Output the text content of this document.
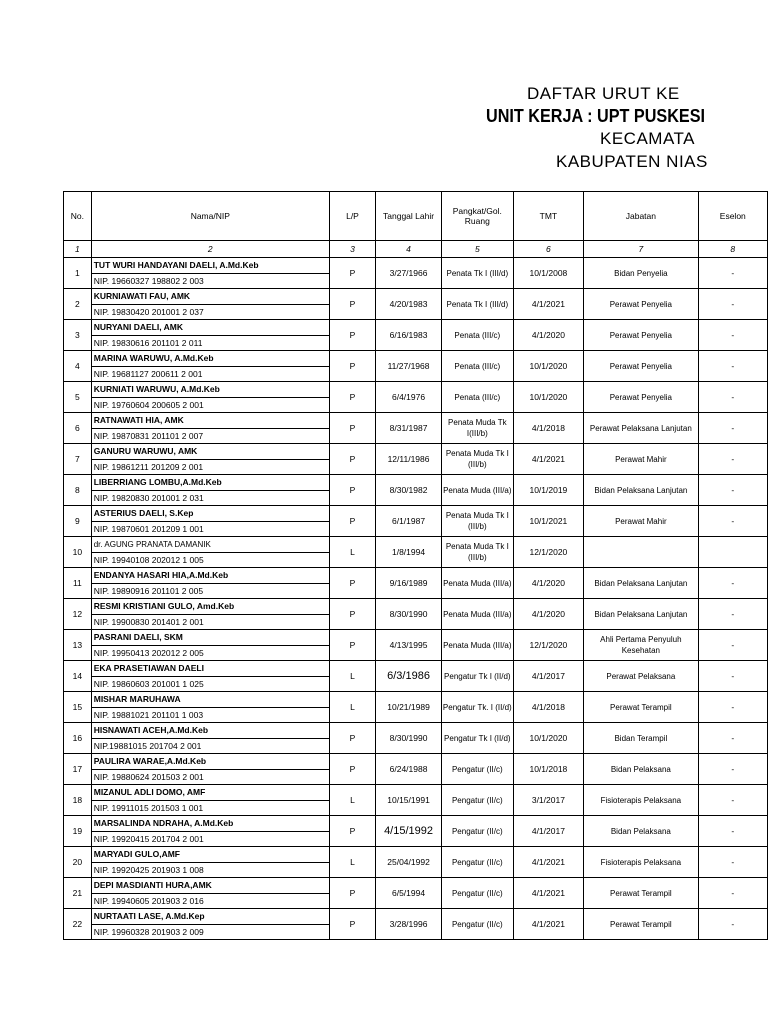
DAFTAR URUT KE
UNIT KERJA : UPT PUSKESI
KECAMATA
KABUPATEN NIAS
No.	Nama/NIP	L/P	Tanggal Lahir	Pangkat/Gol. Ruang	TMT	Jabatan	Eselon
1	2	3	4	5	6	7	8
1	TUT WURI HANDAYANI DAELI, A.Md.Keb	P	3/27/1966	Penata Tk I (III/d)	10/1/2008	Bidan Penyelia	-
	NIP. 19660327 198802 2 003						
2	KURNIAWATI FAU, AMK	P	4/20/1983	Penata Tk I (III/d)	4/1/2021	Perawat Penyelia	-
	NIP. 19830420 201001 2 037						
3	NURYANI DAELI, AMK	P	6/16/1983	Penata (III/c)	4/1/2020	Perawat Penyelia	-
	NIP. 19830616 201101 2 011						
4	MARINA WARUWU, A.Md.Keb	P	11/27/1968	Penata (III/c)	10/1/2020	Perawat Penyelia	-
	NIP. 19681127 200611 2 001						
5	KURNIATI WARUWU, A.Md.Keb	P	6/4/1976	Penata (III/c)	10/1/2020	Perawat Penyelia	-
	NIP. 19760604 200605 2 001						
6	RATNAWATI HIA, AMK	P	8/31/1987	Penata Muda Tk I(III/b)	4/1/2018	Perawat Pelaksana Lanjutan	-
	NIP. 19870831 201101 2 007						
7	GANURU WARUWU, AMK	P	12/11/1986	Penata Muda Tk I (III/b)	4/1/2021	Perawat Mahir	-
	NIP. 19861211 201209 2 001						
8	LIBERRIANG LOMBU,A.Md.Keb	P	8/30/1982	Penata Muda (III/a)	10/1/2019	Bidan Pelaksana Lanjutan	-
	NIP. 19820830 201001 2 031						
9	ASTERIUS DAELI, S.Kep	P	6/1/1987	Penata Muda Tk I (III/b)	10/1/2021	Perawat Mahir	-
	NIP. 19870601 201209 1 001						
10	dr. AGUNG PRANATA DAMANIK	L	1/8/1994	Penata Muda Tk I (III/b)	12/1/2020		
	NIP. 19940108 202012 1 005						
11	ENDANYA HASARI HIA,A.Md.Keb	P	9/16/1989	Penata Muda (III/a)	4/1/2020	Bidan Pelaksana Lanjutan	-
	NIP. 19890916 201101 2 005						
12	RESMI KRISTIANI GULO, Amd.Keb	P	8/30/1990	Penata Muda (III/a)	4/1/2020	Bidan Pelaksana Lanjutan	-
	NIP. 19900830 201401 2 001						
13	PASRANI DAELI, SKM	P	4/13/1995	Penata Muda (III/a)	12/1/2020	Ahli Pertama Penyuluh Kesehatan	-
	NIP. 19950413 202012 2 005						
14	EKA PRASETIAWAN DAELI	L	6/3/1986	Pengatur Tk I (II/d)	4/1/2017	Perawat Pelaksana	-
	NIP. 19860603 201001 1 025						
15	MISHAR MARUHAWA	L	10/21/1989	Pengatur Tk. I (II/d)	4/1/2018	Perawat Terampil	-
	NIP. 19881021 201101 1 003						
16	HISNAWATI ACEH,A.Md.Keb	P	8/30/1990	Pengatur Tk I (II/d)	10/1/2020	Bidan Terampil	-
	NIP.19881015 201704 2 001						
17	PAULIRA WARAE,A.Md.Keb	P	6/24/1988	Pengatur (II/c)	10/1/2018	Bidan Pelaksana	-
	NIP. 19880624 201503 2 001						
18	MIZANUL ADLI DOMO, AMF	L	10/15/1991	Pengatur (II/c)	3/1/2017	Fisioterapis Pelaksana	-
	NIP. 19911015 201503 1 001						
19	MARSALINDA NDRAHA, A.Md.Keb	P	4/15/1992	Pengatur (II/c)	4/1/2017	Bidan Pelaksana	-
	NIP. 19920415 201704 2 001						
20	MARYADI GULO,AMF	L	25/04/1992	Pengatur (II/c)	4/1/2021	Fisioterapis Pelaksana	-
	NIP. 19920425 201903 1 008						
21	DEPI MASDIANTI HURA,AMK	P	6/5/1994	Pengatur (II/c)	4/1/2021	Perawat Terampil	-
	NIP. 19940605 201903 2 016						
22	NURTAATI LASE, A.Md.Kep	P	3/28/1996	Pengatur (II/c)	4/1/2021	Perawat Terampil	-
	NIP. 19960328 201903 2 009						
